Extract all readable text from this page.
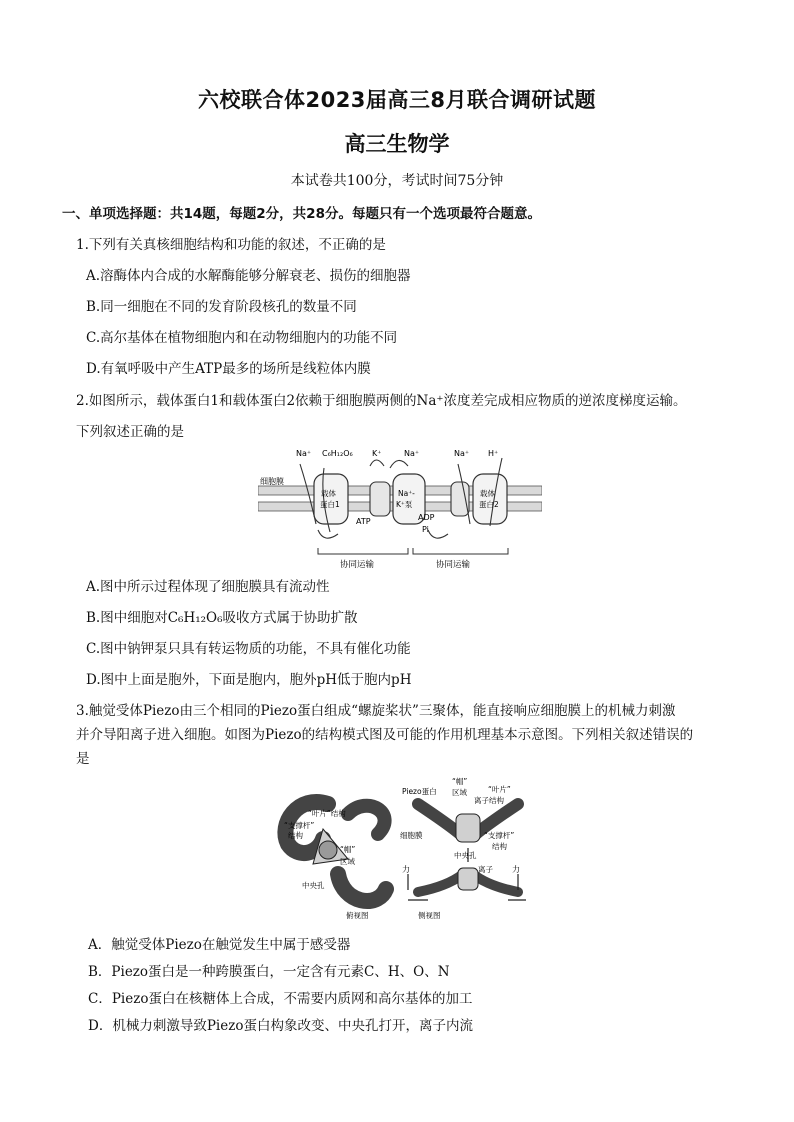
六校联合体2023届高三8月联合调研试题
高三生物学
本试卷共100分，考试时间75分钟
一、单项选择题：共14题，每题2分，共28分。每题只有一个选项最符合题意。
1.下列有关真核细胞结构和功能的叙述，不正确的是
A.溶酶体内合成的水解酶能够分解衰老、损伤的细胞器
B.同一细胞在不同的发育阶段核孔的数量不同
C.高尔基体在植物细胞内和在动物细胞内的功能不同
D.有氧呼吸中产生ATP最多的场所是线粒体内膜
2.如图所示，载体蛋白1和载体蛋白2依赖于细胞膜两侧的Na⁺浓度差完成相应物质的逆浓度梯度运输。
下列叙述正确的是
Na⁺ C₆H₁₂O₆ K⁺	Na⁺	Na⁺ H⁺
细胞膜
载体
蛋白1
Na⁺-
K⁺泵
载体
蛋白2
ATP	ADP
Pi
协同运输	协同运输
A.图中所示过程体现了细胞膜具有流动性
B.图中细胞对C₆H₁₂O₆吸收方式属于协助扩散
C.图中钠钾泵只具有转运物质的功能，不具有催化功能
D.图中上面是胞外，下面是胞内，胞外pH低于胞内pH
3.触觉受体Piezo由三个相同的Piezo蛋白组成“螺旋桨状”三聚体，能直接响应细胞膜上的机械力刺激
并介导阳离子进入细胞。如图为Piezo的结构模式图及可能的作用机理基本示意图。下列相关叙述错误的
是
“叶片”结构
“支撑杆”
结构
“帽”
区域
中央孔
俯视图
Piezo蛋白
“帽”
区域	“叶片”
离子结构
细胞膜
中央孔
“支撑杆”
结构
力	离子 力
侧视图
A．触觉受体Piezo在触觉发生中属于感受器
B．Piezo蛋白是一种跨膜蛋白，一定含有元素C、H、O、N
C．Piezo蛋白在核糖体上合成，不需要内质网和高尔基体的加工
D．机械力刺激导致Piezo蛋白构象改变、中央孔打开，离子内流
